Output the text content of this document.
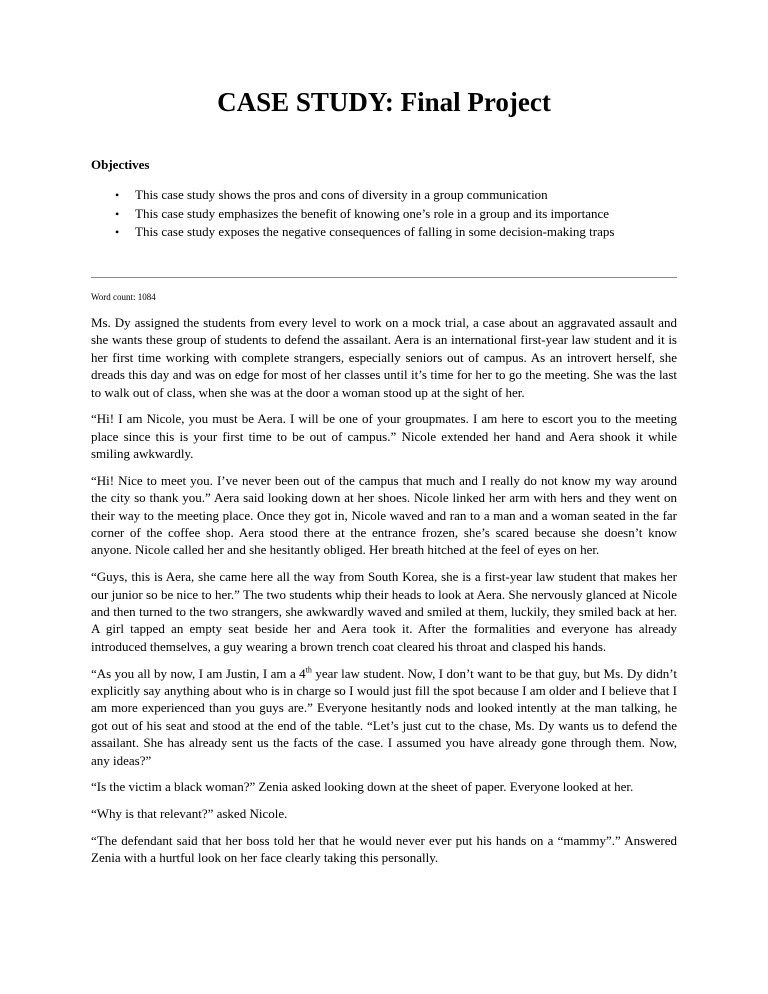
CASE STUDY: Final Project

Objectives

• This case study shows the pros and cons of diversity in a group communication
• This case study emphasizes the benefit of knowing one’s role in a group and its importance
• This case study exposes the negative consequences of falling in some decision-making traps

Word count: 1084

Ms. Dy assigned the students from every level to work on a mock trial, a case about an aggravated assault and she wants these group of students to defend the assailant. Aera is an international first-year law student and it is her first time working with complete strangers, especially seniors out of campus. As an introvert herself, she dreads this day and was on edge for most of her classes until it’s time for her to go the meeting. She was the last to walk out of class, when she was at the door a woman stood up at the sight of her.

“Hi! I am Nicole, you must be Aera. I will be one of your groupmates. I am here to escort you to the meeting place since this is your first time to be out of campus.” Nicole extended her hand and Aera shook it while smiling awkwardly.

“Hi! Nice to meet you. I’ve never been out of the campus that much and I really do not know my way around the city so thank you.” Aera said looking down at her shoes. Nicole linked her arm with hers and they went on their way to the meeting place. Once they got in, Nicole waved and ran to a man and a woman seated in the far corner of the coffee shop. Aera stood there at the entrance frozen, she’s scared because she doesn’t know anyone. Nicole called her and she hesitantly obliged. Her breath hitched at the feel of eyes on her.

“Guys, this is Aera, she came here all the way from South Korea, she is a first-year law student that makes her our junior so be nice to her.” The two students whip their heads to look at Aera. She nervously glanced at Nicole and then turned to the two strangers, she awkwardly waved and smiled at them, luckily, they smiled back at her. A girl tapped an empty seat beside her and Aera took it. After the formalities and everyone has already introduced themselves, a guy wearing a brown trench coat cleared his throat and clasped his hands.

“As you all by now, I am Justin, I am a 4th year law student. Now, I don’t want to be that guy, but Ms. Dy didn’t explicitly say anything about who is in charge so I would just fill the spot because I am older and I believe that I am more experienced than you guys are.” Everyone hesitantly nods and looked intently at the man talking, he got out of his seat and stood at the end of the table. “Let’s just cut to the chase, Ms. Dy wants us to defend the assailant. She has already sent us the facts of the case. I assumed you have already gone through them. Now, any ideas?”

“Is the victim a black woman?” Zenia asked looking down at the sheet of paper. Everyone looked at her.

“Why is that relevant?” asked Nicole.

“The defendant said that her boss told her that he would never ever put his hands on a “mammy”.” Answered Zenia with a hurtful look on her face clearly taking this personally.
